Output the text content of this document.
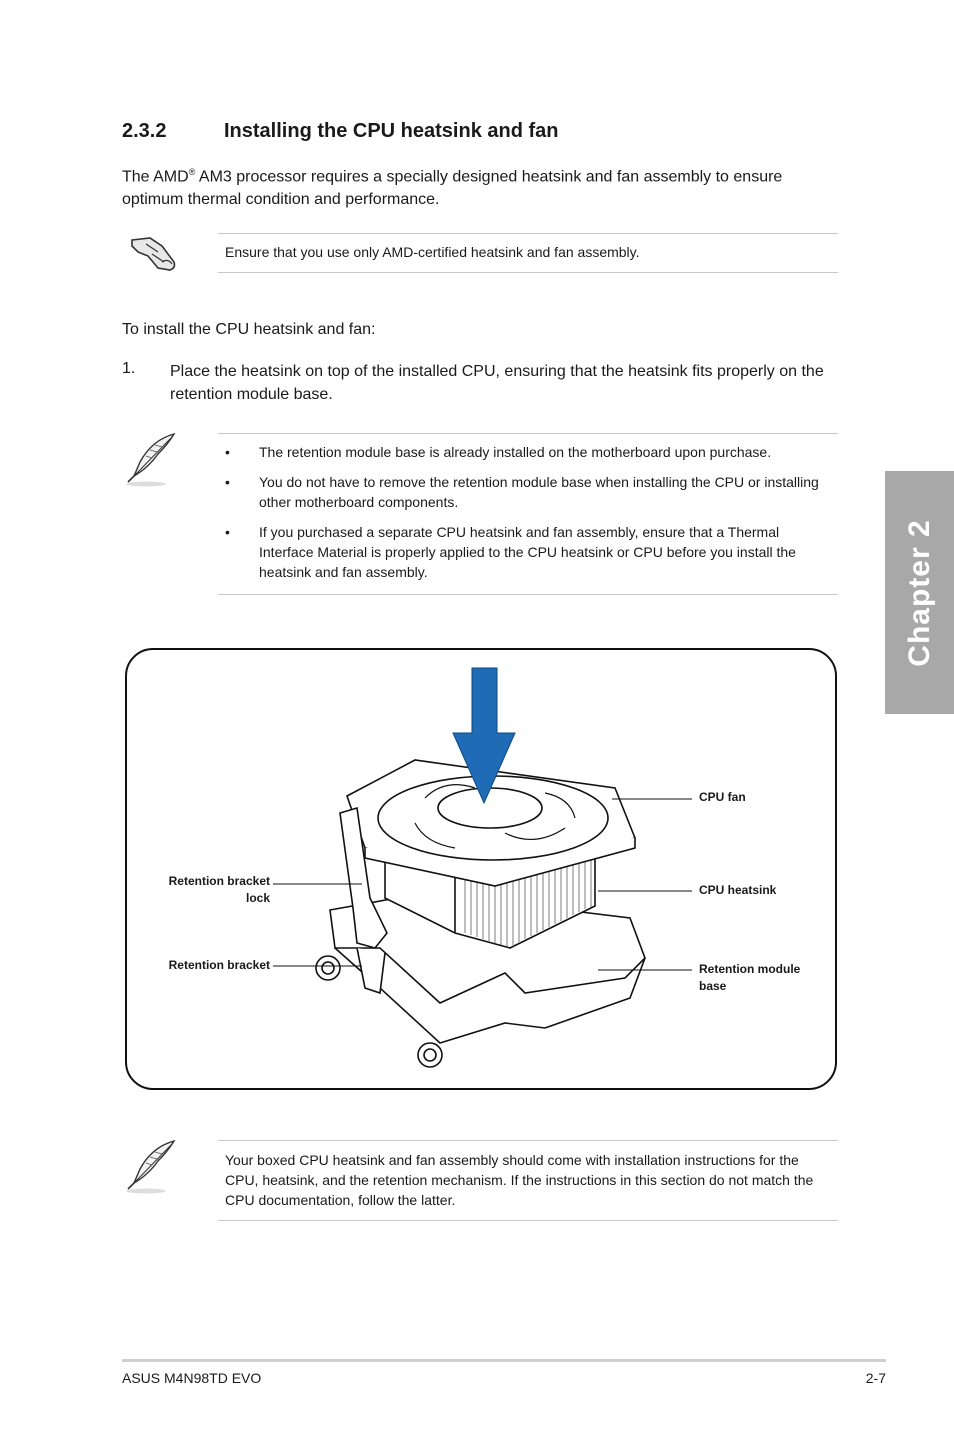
2.3.2	Installing the CPU heatsink and fan
The AMD® AM3 processor requires a specially designed heatsink and fan assembly to ensure optimum thermal condition and performance.
Ensure that you use only AMD-certified heatsink and fan assembly.
To install the CPU heatsink and fan:
1. Place the heatsink on top of the installed CPU, ensuring that the heatsink fits properly on the retention module base.
• The retention module base is already installed on the motherboard upon purchase.
• You do not have to remove the retention module base when installing the CPU or installing other motherboard components.
• If you purchased a separate CPU heatsink and fan assembly, ensure that a Thermal Interface Material is properly applied to the CPU heatsink or CPU before you install the heatsink and fan assembly.	Chapter 2
CPU fan
CPU heatsink
Retention module
base
Retention bracket
lock
Retention bracket
Your boxed CPU heatsink and fan assembly should come with installation instructions for the CPU, heatsink, and the retention mechanism. If the instructions in this section do not match the CPU documentation, follow the latter.
ASUS M4N98TD EVO	2-7
